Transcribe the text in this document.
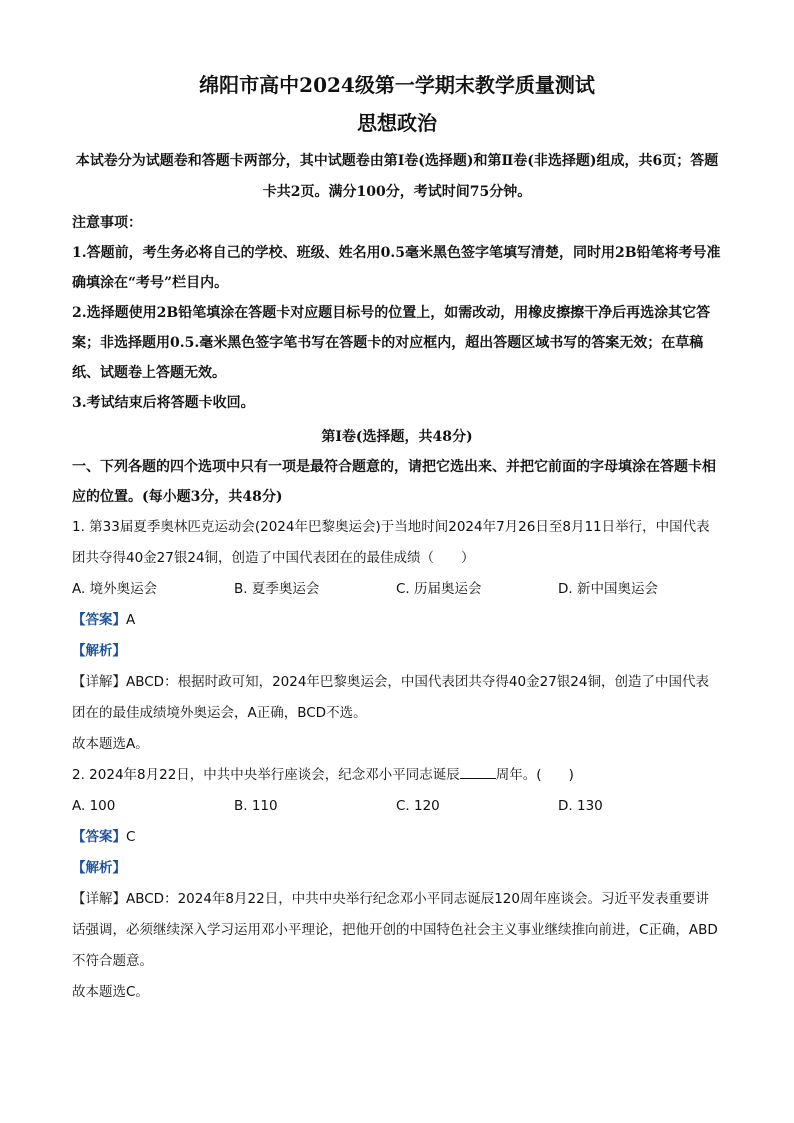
绵阳市高中2024级第一学期末教学质量测试
思想政治

本试卷分为试题卷和答题卡两部分，其中试题卷由第Ⅰ卷(选择题)和第Ⅱ卷(非选择题)组成，共6页；答题卡共2页。满分100分，考试时间75分钟。

注意事项：

1.答题前，考生务必将自己的学校、班级、姓名用0.5毫米黑色签字笔填写清楚，同时用2B铅笔将考号准确填涂在“考号”栏目内。

2.选择题使用2B铅笔填涂在答题卡对应题目标号的位置上，如需改动，用橡皮擦擦干净后再选涂其它答案；非选择题用0.5.毫米黑色签字笔书写在答题卡的对应框内，超出答题区域书写的答案无效；在草稿纸、试题卷上答题无效。

3.考试结束后将答题卡收回。

第Ⅰ卷(选择题，共48分)

一、下列各题的四个选项中只有一项是最符合题意的，请把它选出来、并把它前面的字母填涂在答题卡相应的位置。(每小题3分，共48分)

1. 第33届夏季奥林匹克运动会(2024年巴黎奥运会)于当地时间2024年7月26日至8月11日举行，中国代表团共夺得40金27银24铜，创造了中国代表团在的最佳成绩（　　）

A. 境外奥运会	B. 夏季奥运会	C. 历届奥运会	D. 新中国奥运会

【答案】A

【解析】

【详解】ABCD：根据时政可知，2024年巴黎奥运会，中国代表团共夺得40金27银24铜，创造了中国代表团在的最佳成绩境外奥运会，A正确，BCD不选。

故本题选A。

2. 2024年8月22日，中共中央举行座谈会，纪念邓小平同志诞辰	周年。(　　)

A. 100	B. 110	C. 120	D. 130

【答案】C

【解析】

【详解】ABCD：2024年8月22日，中共中央举行纪念邓小平同志诞辰120周年座谈会。习近平发表重要讲话强调，必须继续深入学习运用邓小平理论，把他开创的中国特色社会主义事业继续推向前进，C正确，ABD不符合题意。

故本题选C。
